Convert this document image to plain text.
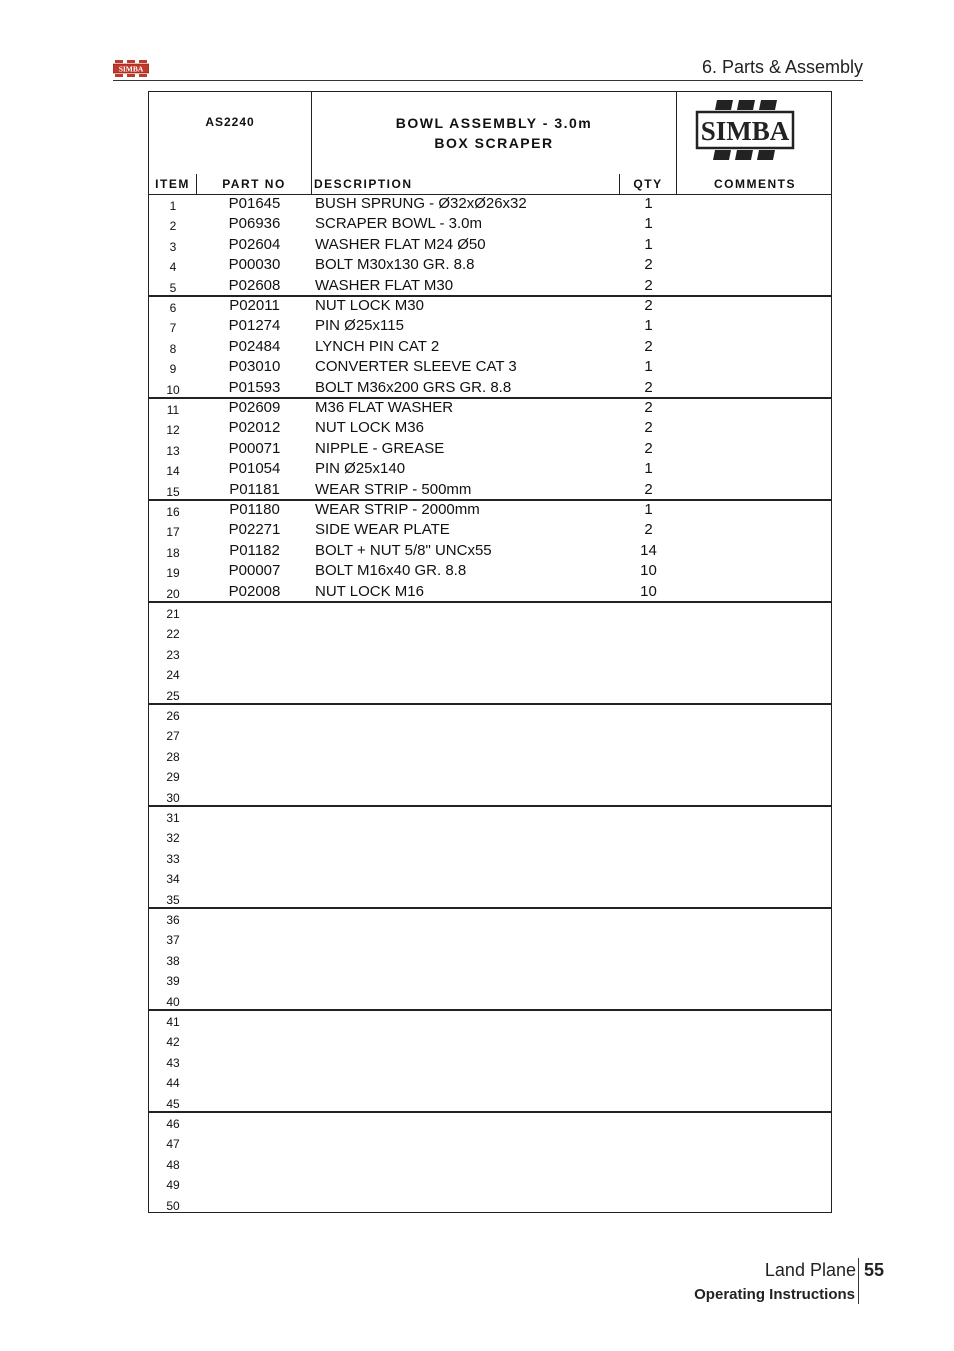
SIMBA	6. Parts & Assembly
AS2240	BOWL ASSEMBLY - 3.0m
BOX SCRAPER	SIMBA
ITEM	PART NO	DESCRIPTION	QTY	COMMENTS
1	P01645	BUSH SPRUNG - Ø32xØ26x32	1
2	P06936	SCRAPER BOWL - 3.0m	1
3	P02604	WASHER FLAT M24 Ø50	1
4	P00030	BOLT M30x130 GR. 8.8	2
5	P02608	WASHER FLAT M30	2
6	P02011	NUT LOCK M30	2
7	P01274	PIN Ø25x115	1
8	P02484	LYNCH PIN CAT 2	2
9	P03010	CONVERTER SLEEVE CAT 3	1
10	P01593	BOLT M36x200 GRS GR. 8.8	2
11	P02609	M36 FLAT WASHER	2
12	P02012	NUT LOCK M36	2
13	P00071	NIPPLE - GREASE	2
14	P01054	PIN Ø25x140	1
15	P01181	WEAR STRIP - 500mm	2
16	P01180	WEAR STRIP - 2000mm	1
17	P02271	SIDE WEAR PLATE	2
18	P01182	BOLT + NUT 5/8" UNCx55	14
19	P00007	BOLT M16x40 GR. 8.8	10
20	P02008	NUT LOCK M16	10
21
22
23
24
25
26
27
28
29
30
31
32
33
34
35
36
37
38
39
40
41
42
43
44
45
46
47
48
49
50
Land Plane 55
Operating Instructions
